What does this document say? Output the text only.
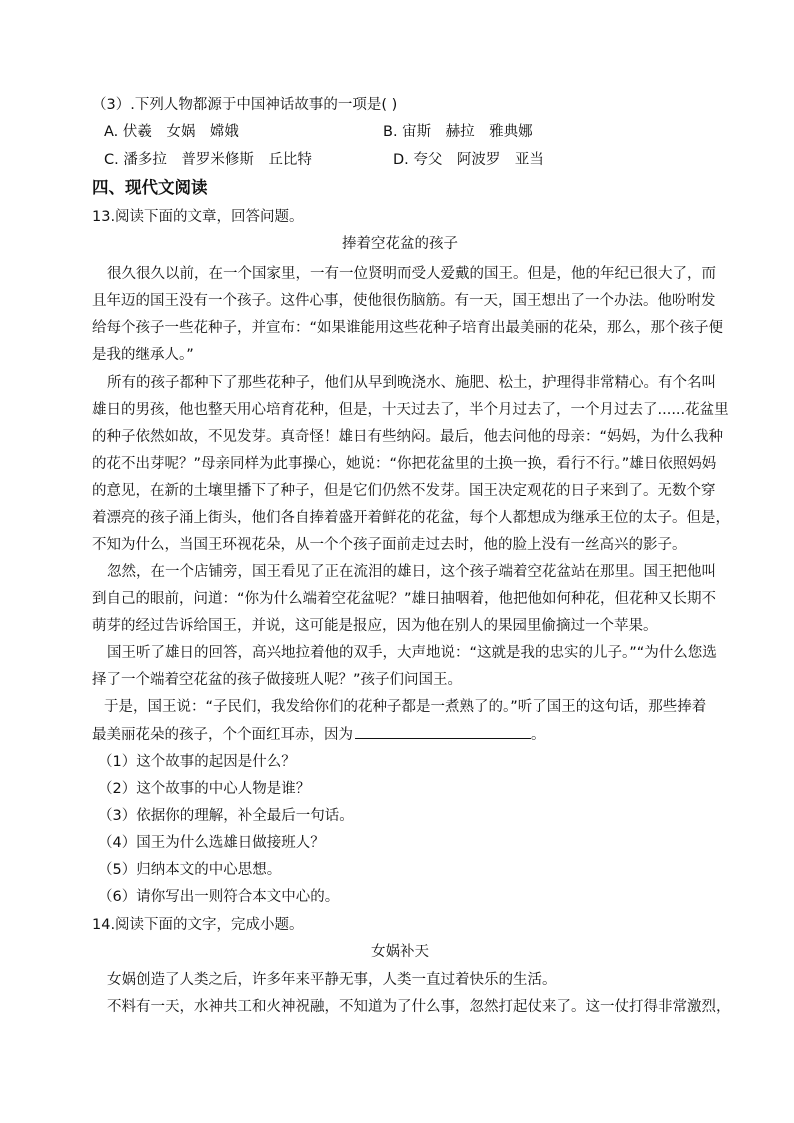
（3）.下列人物都源于中国神话故事的一项是( )
A. 伏羲　女娲　嫦娥	B. 宙斯　赫拉　雅典娜
C. 潘多拉　普罗米修斯　丘比特	D. 夸父　阿波罗　亚当
四、现代文阅读
13.阅读下面的文章，回答问题。
捧着空花盆的孩子
很久很久以前，在一个国家里，一有一位贤明而受人爱戴的国王。但是，他的年纪已很大了，而
且年迈的国王没有一个孩子。这件心事，使他很伤脑筋。有一天，国王想出了一个办法。他吩咐发
给每个孩子一些花种子，并宣布：“如果谁能用这些花种子培育出最美丽的花朵，那么，那个孩子便
是我的继承人。”
所有的孩子都种下了那些花种子，他们从早到晚浇水、施肥、松土，护理得非常精心。有个名叫
雄日的男孩，他也整天用心培育花种，但是，十天过去了，半个月过去了，一个月过去了......花盆里
的种子依然如故，不见发芽。真奇怪！雄日有些纳闷。最后，他去问他的母亲：“妈妈，为什么我种
的花不出芽呢？”母亲同样为此事操心，她说：“你把花盆里的土换一换，看行不行。”雄日依照妈妈
的意见，在新的土壤里播下了种子，但是它们仍然不发芽。国王决定观花的日子来到了。无数个穿
着漂亮的孩子涌上街头，他们各自捧着盛开着鲜花的花盆，每个人都想成为继承王位的太子。但是，
不知为什么，当国王环视花朵，从一个个孩子面前走过去时，他的脸上没有一丝高兴的影子。
忽然，在一个店铺旁，国王看见了正在流泪的雄日，这个孩子端着空花盆站在那里。国王把他叫
到自己的眼前，问道：“你为什么端着空花盆呢？”雄日抽咽着，他把他如何种花，但花种又长期不
萌芽的经过告诉给国王，并说，这可能是报应，因为他在别人的果园里偷摘过一个苹果。
国王听了雄日的回答，高兴地拉着他的双手，大声地说：“这就是我的忠实的儿子。”“为什么您选
择了一个端着空花盆的孩子做接班人呢？”孩子们问国王。
于是，国王说：“子民们，我发给你们的花种子都是一煮熟了的。”听了国王的这句话，那些捧着
最美丽花朵的孩子，个个面红耳赤，因为	。
（1）这个故事的起因是什么？
（2）这个故事的中心人物是谁？
（3）依据你的理解，补全最后一句话。
（4）国王为什么选雄日做接班人？
（5）归纳本文的中心思想。
（6）请你写出一则符合本文中心的。
14.阅读下面的文字，完成小题。
女娲补天
女娲创造了人类之后，许多年来平静无事，人类一直过着快乐的生活。
不料有一天，水神共工和火神祝融，不知道为了什么事，忽然打起仗来了。这一仗打得非常激烈，
